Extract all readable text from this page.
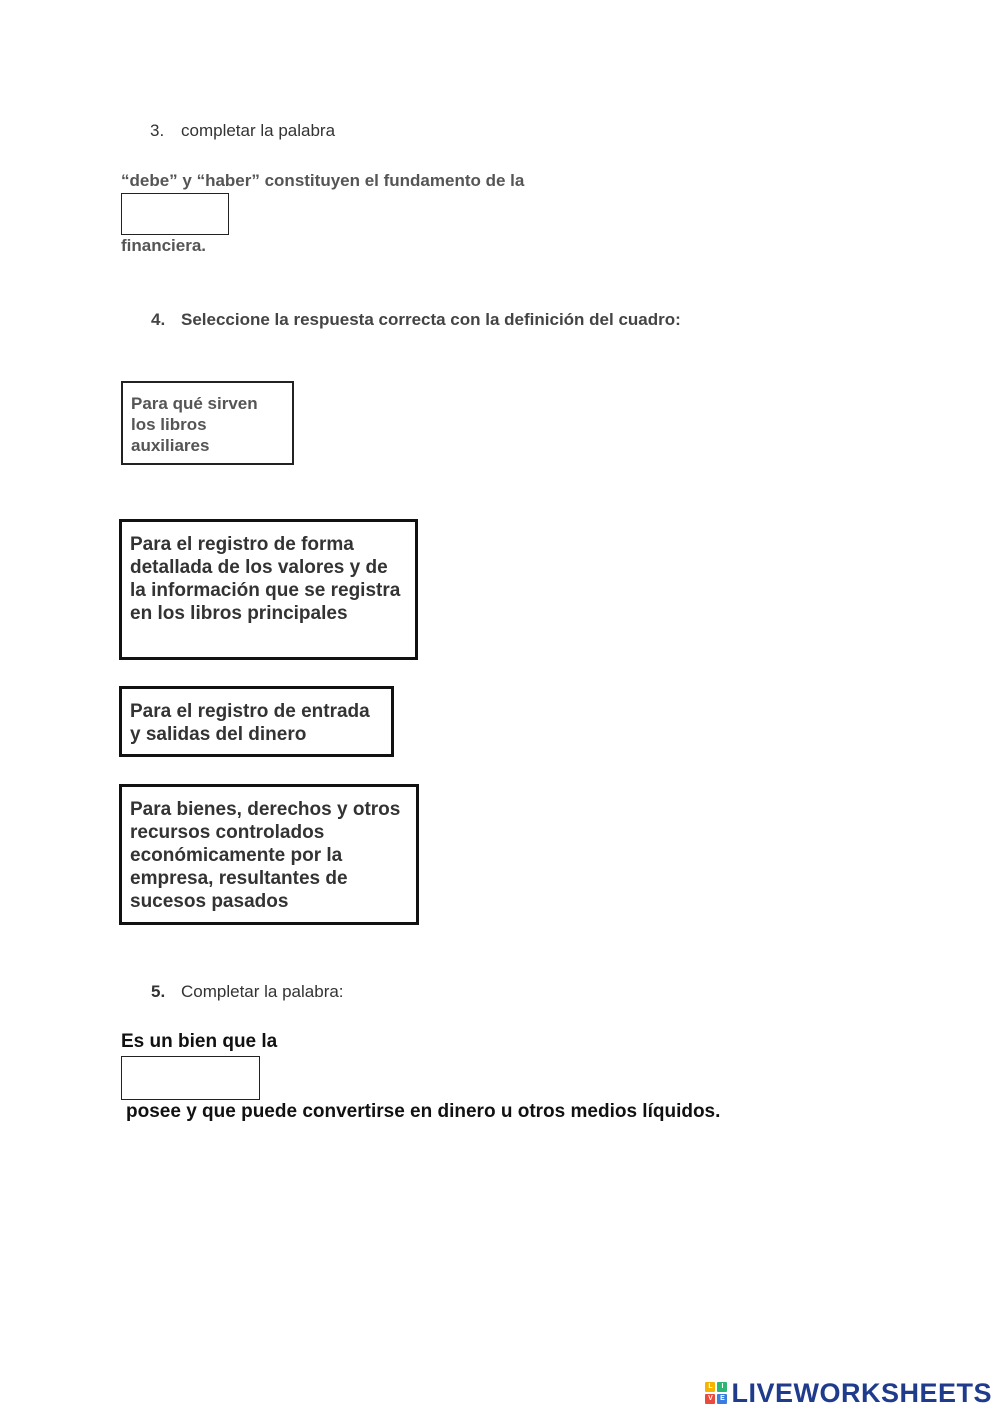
3. completar la palabra
“debe” y “haber” constituyen el fundamento de la
financiera.
4. Seleccione la respuesta correcta con la definición del cuadro:
Para qué sirven los libros auxiliares
Para el registro de forma detallada de los valores y de la información que se registra en los libros principales
Para el registro de entrada y salidas del dinero
Para bienes, derechos y otros recursos controlados económicamente por la empresa, resultantes de sucesos pasados
5. Completar la palabra:
Es un bien que la
posee y que puede convertirse en dinero u otros medios líquidos.
L	I
V	E LIVEWORKSHEETS
